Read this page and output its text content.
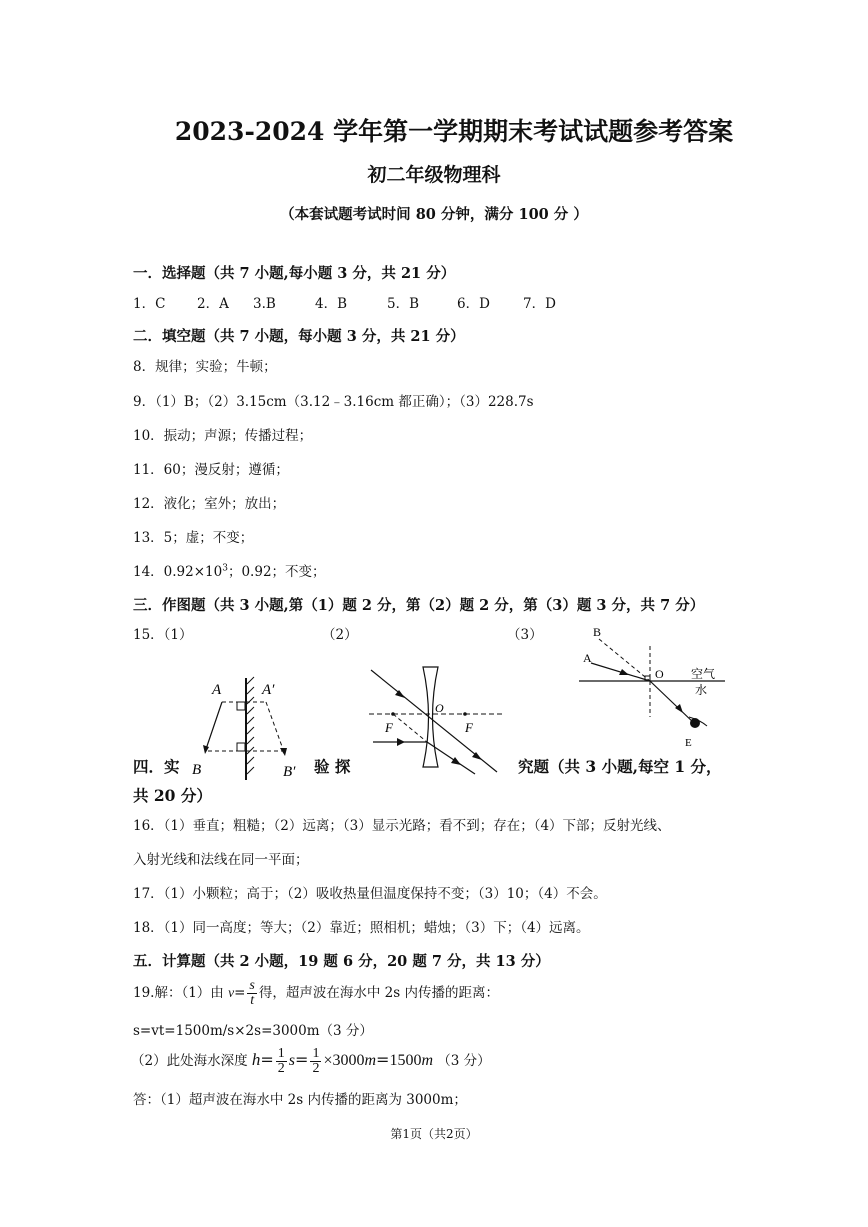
2023-2024 学年第一学期期末考试试题参考答案
初二年级物理科
（本套试题考试时间 80 分钟，满分 100 分 ）
一．选择题（共 7 小题,每小题 3 分，共 21 分）
1．C 2．A 3.B	4．B	5．B	6．D 7．D
二．填空题（共 7 小题，每小题 3 分，共 21 分）
8．规律；实验；牛顿；
9．（1）B；（2）3.15cm（3.12﹣3.16cm 都正确）；（3）228.7s
10．振动；声源；传播过程；
11．60；漫反射；遵循；
12．液化；室外；放出；
13．5；虚；不变；
14．$0.92\times 10^3$；0.92；不变；
三．作图题（共 3 小题,第（1）题 2 分，第（2）题 2 分，第（3）题 3 分，共 7 分）
15．（1）	（2）	（3）
A	A′
B	B′
O
F	F
B
A
O 空气
水
E
四．实	验 探	究题（共 3 小题,每空 1 分，
共 20 分）
16．（1）垂直；粗糙；（2）远离；（3）显示光路；看不到；存在；（4）下部；反射光线、
入射光线和法线在同一平面；
17．（1）小颗粒；高于；（2）吸收热量但温度保持不变；（3）10；（4）不会。
18．（1）同一高度；等大；（2）靠近；照相机；蜡烛；（3）下；（4）远离。
五．计算题（共 2 小题，19 题 6 分，20 题 7 分，共 13 分）
19.解：（1）由 $v= \frac{s}{t}$ 得，超声波在海水中 2s 内传播的距离：
s=vt=1500m/s×2s=3000m（3 分）
（2）此处海水深度 $h= \frac{1}{2} s= \frac{1}{2} \times 3000m=1500m$ （3 分）
答：（1）超声波在海水中 2s 内传播的距离为 3000m；
第1页（共2页）
